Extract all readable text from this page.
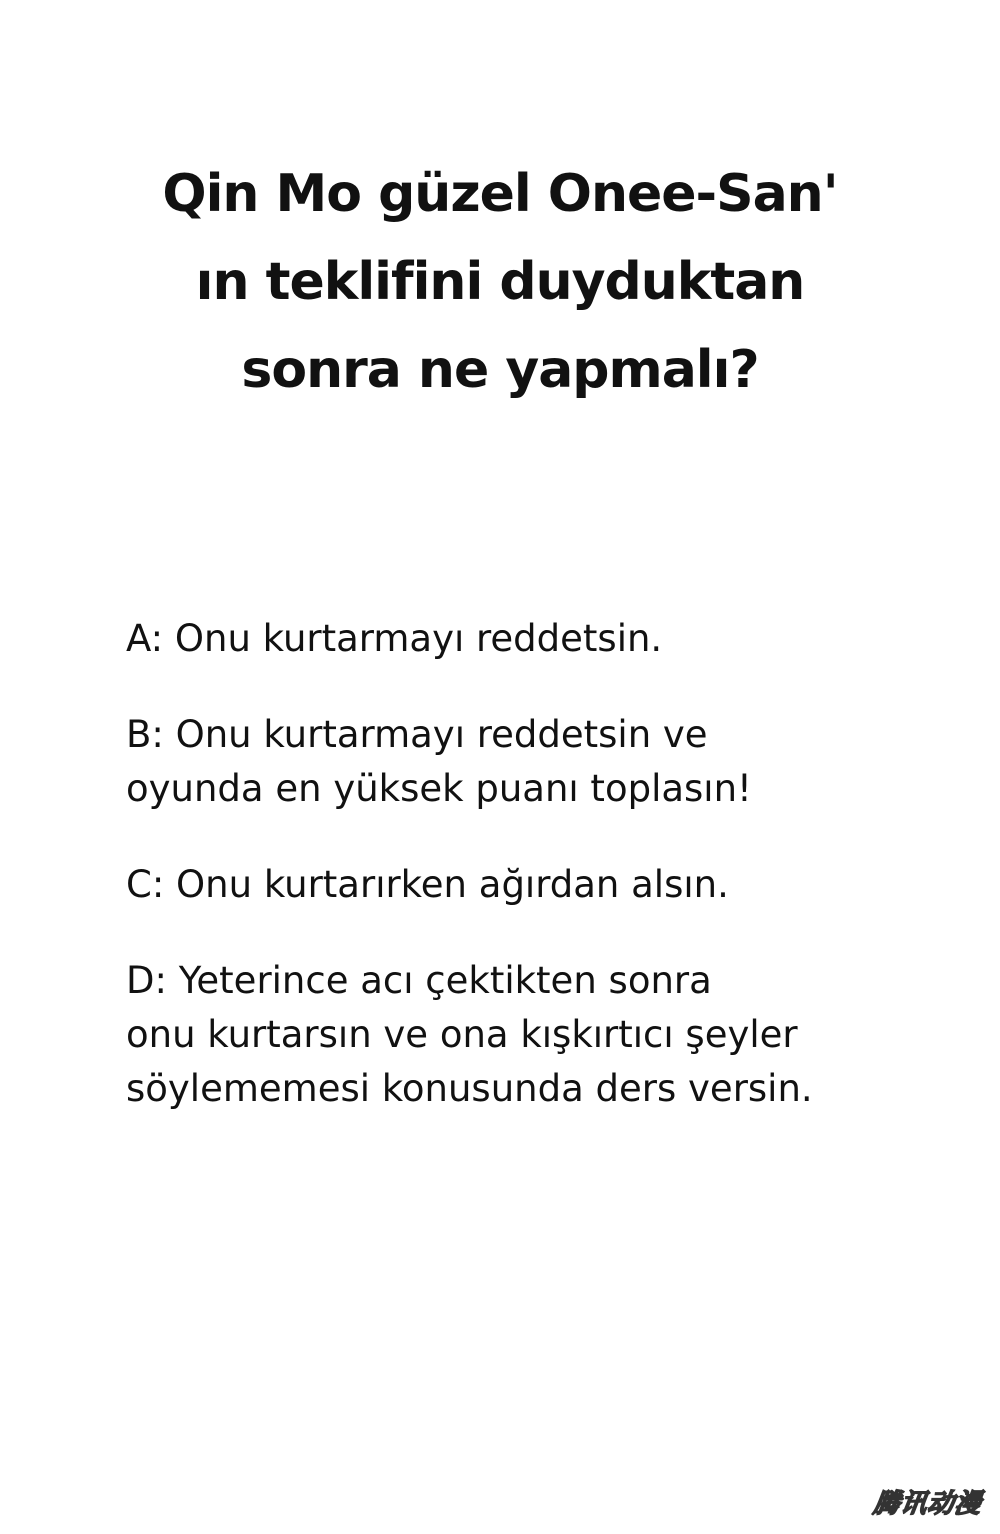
Qin Mo güzel Onee-San'
ın teklifini duyduktan
sonra ne yapmalı?
A: Onu kurtarmayı reddetsin.
B: Onu kurtarmayı reddetsin ve
oyunda en yüksek puanı toplasın!
C: Onu kurtarırken ağırdan alsın.
D: Yeterince acı çektikten sonra
onu kurtarsın ve ona kışkırtıcı şeyler
söylememesi konusunda ders versin.
腾讯动漫
